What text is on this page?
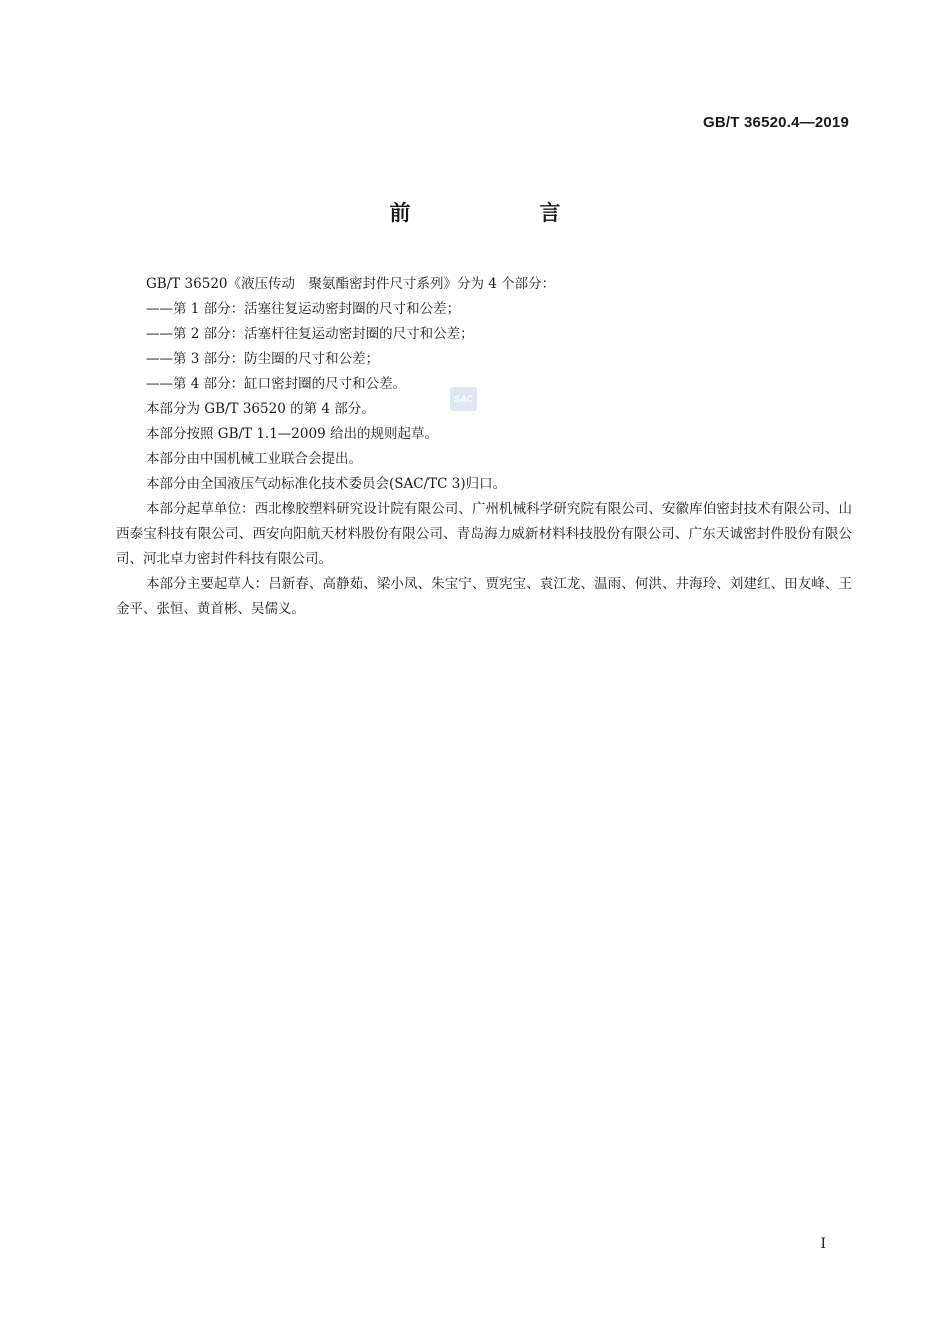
GB/T 36520.4—2019
前　言

GB/T 36520《液压传动　聚氨酯密封件尺寸系列》分为 4 个部分：

——第 1 部分：活塞往复运动密封圈的尺寸和公差；

——第 2 部分：活塞杆往复运动密封圈的尺寸和公差；

——第 3 部分：防尘圈的尺寸和公差；

——第 4 部分：缸口密封圈的尺寸和公差。

本部分为 GB/T 36520 的第 4 部分。

本部分按照 GB/T 1.1—2009 给出的规则起草。

本部分由中国机械工业联合会提出。

本部分由全国液压气动标准化技术委员会(SAC/TC 3)归口。

本部分起草单位：西北橡胶塑料研究设计院有限公司、广州机械科学研究院有限公司、安徽库伯密封技术有限公司、山西泰宝科技有限公司、西安向阳航天材料股份有限公司、青岛海力威新材料科技股份有限公司、广东天诚密封件股份有限公司、河北卓力密封件科技有限公司。

本部分主要起草人：吕新春、高静茹、梁小凤、朱宝宁、贾宪宝、袁江龙、温雨、何洪、井海玲、刘建红、田友峰、王金平、张恒、黄首彬、吴儒义。

SAC
I
